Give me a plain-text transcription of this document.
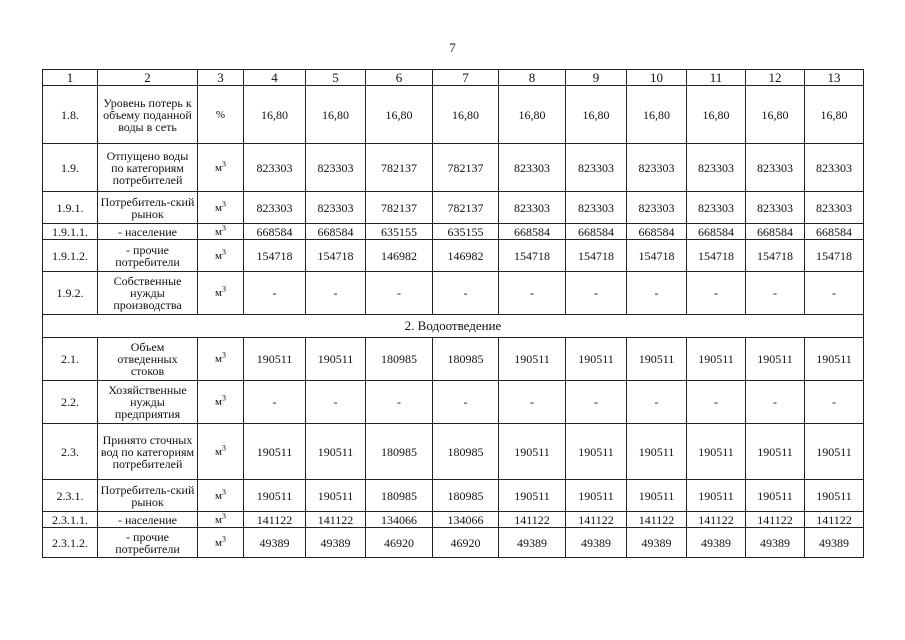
7
1	2	3	4	5	6	7	8	9	10	11	12	13
1.8.	Уровень потерь к объему поданной воды в сеть	%	16,80	16,80	16,80	16,80	16,80	16,80	16,80	16,80	16,80	16,80
1.9.	Отпущено воды по категориям потребителей	$м^3$	823303	823303	782137	782137	823303	823303	823303	823303	823303	823303
1.9.1.	Потребитель-ский рынок	$м^3$	823303	823303	782137	782137	823303	823303	823303	823303	823303	823303
1.9.1.1.	- население	$м^3$	668584	668584	635155	635155	668584	668584	668584	668584	668584	668584
1.9.1.2.	- прочие потребители	$м^3$	154718	154718	146982	146982	154718	154718	154718	154718	154718	154718
1.9.2.	Собственные нужды производства	$м^3$	-	-	-	-	-	-	-	-	-	-
2. Водоотведение												
2.1.	Объем отведенных стоков	$м^3$	190511	190511	180985	180985	190511	190511	190511	190511	190511	190511
2.2.	Хозяйственные нужды предприятия	$м^3$	-	-	-	-	-	-	-	-	-	-
2.3.	Принято сточных вод по категориям потребителей	$м^3$	190511	190511	180985	180985	190511	190511	190511	190511	190511	190511
2.3.1.	Потребитель-ский рынок	$м^3$	190511	190511	180985	180985	190511	190511	190511	190511	190511	190511
2.3.1.1.	- население	$м^3$	141122	141122	134066	134066	141122	141122	141122	141122	141122	141122
2.3.1.2.	- прочие потребители	$м^3$	49389	49389	46920	46920	49389	49389	49389	49389	49389	49389
